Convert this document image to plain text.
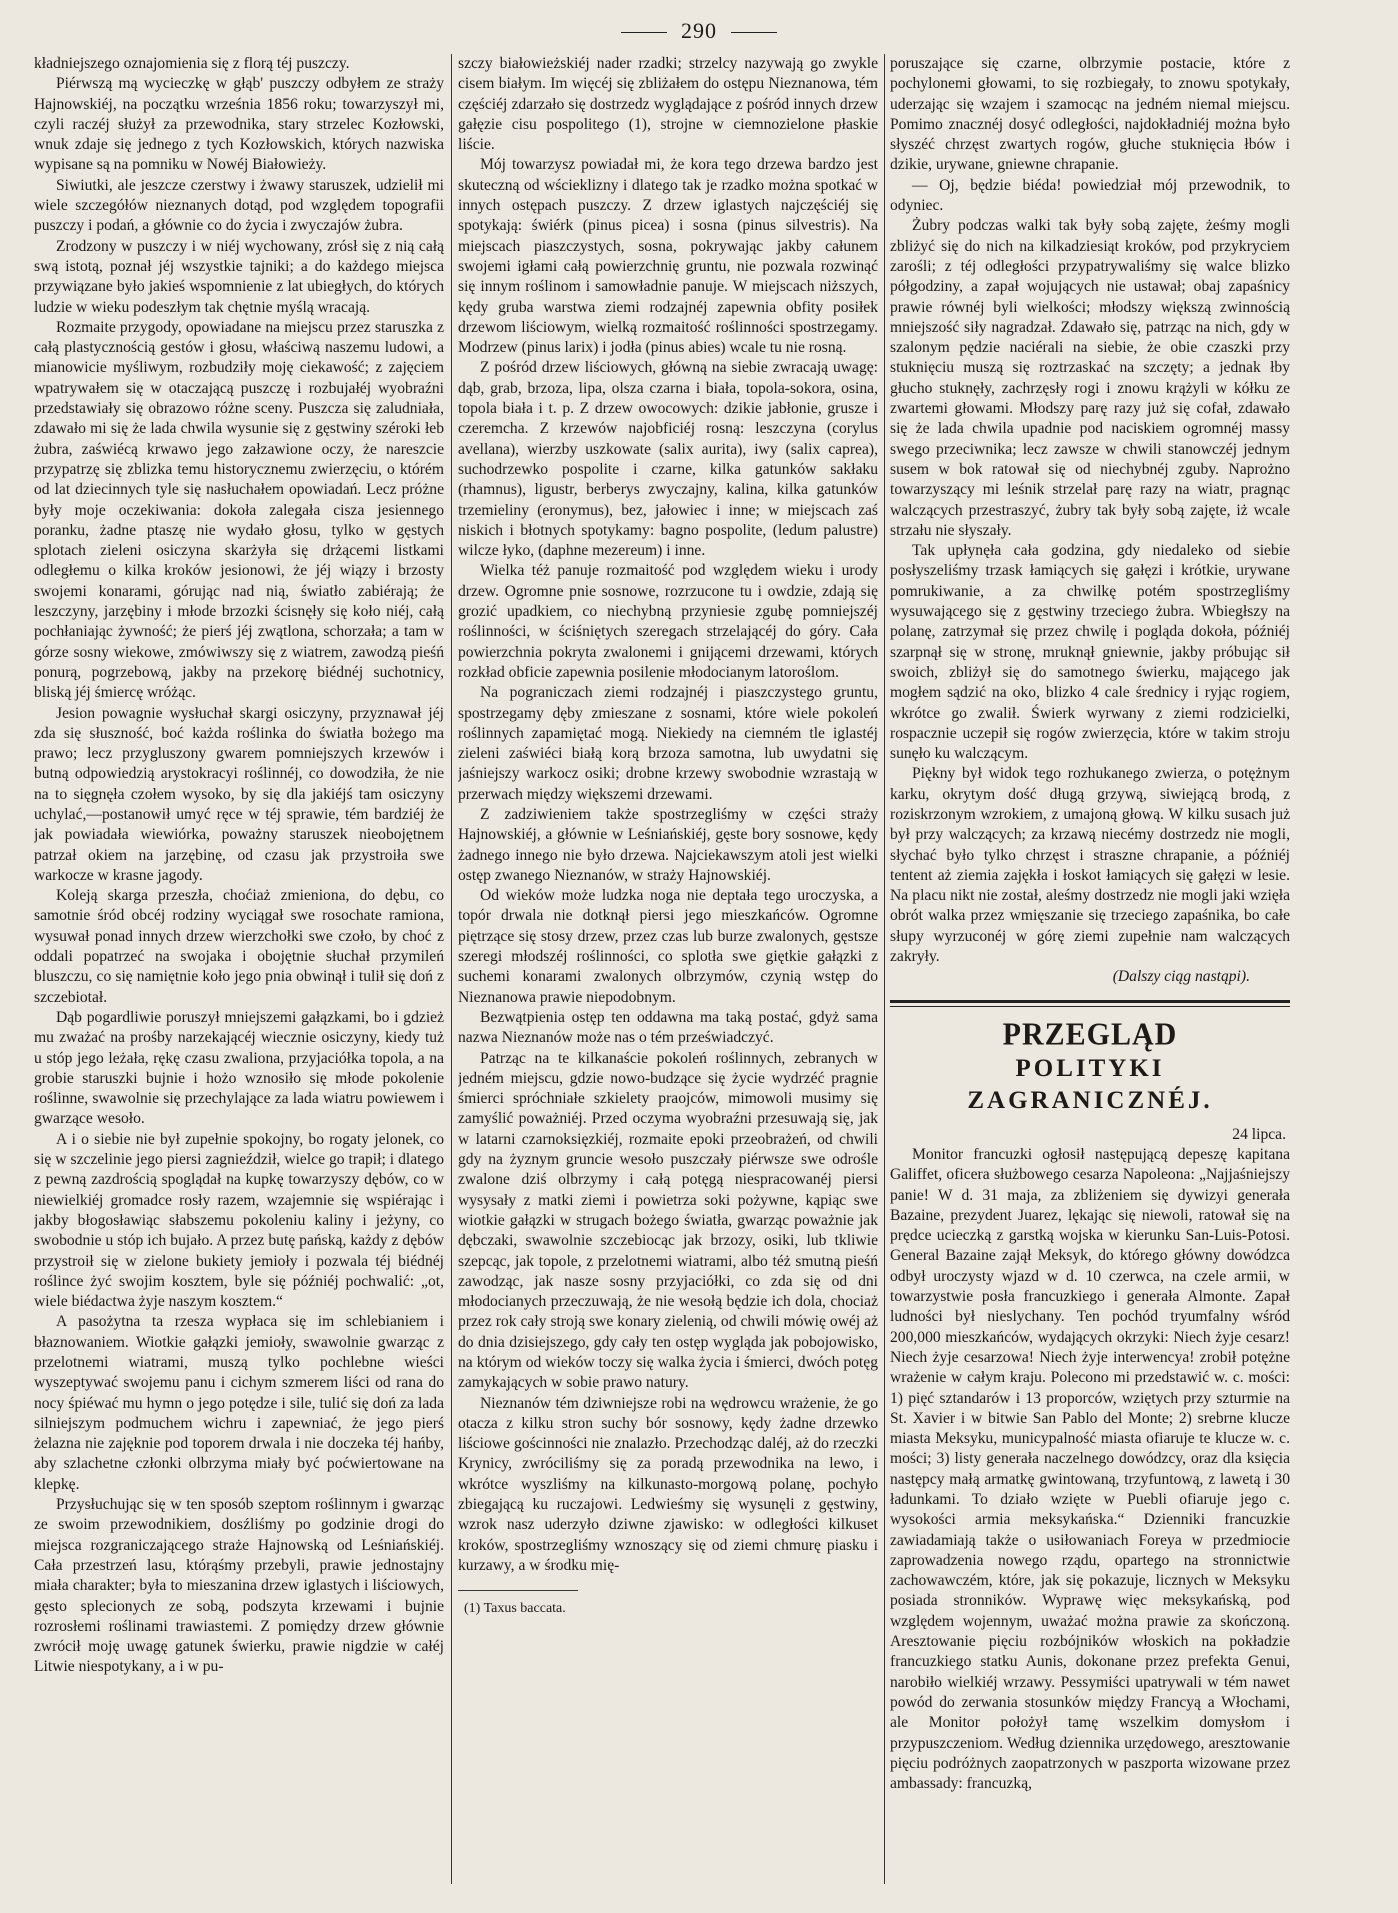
290

kładniejszego oznajomienia się z florą téj puszczy.

Piérwszą mą wycieczkę w głąb' puszczy odbyłem ze straży Hajnowskiéj, na początku września 1856 roku; towarzyszył mi, czyli raczéj służył za przewodnika, stary strzelec Kozłowski, wnuk zdaje się jednego z tych Kozłowskich, których nazwiska wypisane są na pomniku w Nowéj Białowieży.

Siwiutki, ale jeszcze czerstwy i żwawy staruszek, udzielił mi wiele szczegółów nieznanych dotąd, pod względem topografii puszczy i podań, a głównie co do życia i zwyczajów żubra.

Zrodzony w puszczy i w niéj wychowany, zrósł się z nią całą swą istotą, poznał jéj wszystkie tajniki; a do każdego miejsca przywiązane było jakieś wspomnienie z lat ubiegłych, do których ludzie w wieku podeszłym tak chętnie myślą wracają.

Rozmaite przygody, opowiadane na miejscu przez staruszka z całą plastycznością gestów i głosu, właściwą naszemu ludowi, a mianowicie myśliwym, rozbudziły moję ciekawość; z zajęciem wpatrywałem się w otaczającą puszczę i rozbujałéj wyobraźni przedstawiały się obrazowo różne sceny. Puszcza się zaludniała, zdawało mi się że lada chwila wysunie się z gęstwiny széroki łeb żubra, zaświécą krwawo jego załzawione oczy, że nareszcie przypatrzę się zblizka temu historycznemu zwierzęciu, o którém od lat dziecinnych tyle się nasłuchałem opowiadań. Lecz próżne były moje oczekiwania: dokoła zalegała cisza jesiennego poranku, żadne ptaszę nie wydało głosu, tylko w gęstych splotach zieleni osiczyna skarżyła się drżącemi listkami odległemu o kilka kroków jesionowi, że jéj wiązy i brzosty swojemi konarami, górując nad nią, światło zabiérają; że leszczyny, jarzębiny i młode brzozki ścisnęły się koło niéj, całą pochłaniając żywność; że pierś jéj zwątlona, schorzała; a tam w górze sosny wiekowe, zmówiwszy się z wiatrem, zawodzą pieśń ponurą, pogrzebową, jakby na przekorę biédnéj suchotnicy, bliską jéj śmiercę wróżąc.

Jesion powagnie wysłuchał skargi osiczyny, przyznawał jéj zda się słuszność, boć każda roślinka do światła bożego ma prawo; lecz przygluszony gwarem pomniejszych krzewów i butną odpowiedzią arystokracyi roślinnéj, co dowodziła, że nie na to sięgnęła czołem wysoko, by się dla jakiéjś tam osiczyny uchylać,—postanowił umyć ręce w téj sprawie, tém bardziéj że jak powiadała wiewiórka, poważny staruszek nieobojętnem patrzał okiem na jarzębinę, od czasu jak przystroiła swe warkocze w krasne jagody.

Koleją skarga przeszła, choćiaż zmieniona, do dębu, co samotnie śród obcéj rodziny wyciągał swe rosochate ramiona, wysuwał ponad innych drzew wierzchołki swe czoło, by choć z oddali popatrzeć na swojaka i obojętnie słuchał przymileń bluszczu, co się namiętnie koło jego pnia obwinął i tulił się doń z szczebiotał.

Dąb pogardliwie poruszył mniejszemi gałązkami, bo i gdzież mu zważać na prośby narzekającéj wiecznie osiczyny, kiedy tuż u stóp jego leżała, rękę czasu zwaliona, przyjaciółka topola, a na grobie staruszki bujnie i hożo wznosiło się młode pokolenie roślinne, swawolnie się przechylające za lada wiatru powiewem i gwarzące wesoło.

A i o siebie nie był zupełnie spokojny, bo rogaty jelonek, co się w szczelinie jego piersi zagnieździł, wielce go trapił; i dlatego z pewną zazdrością spoglądał na kupkę towarzyszy dębów, co w niewielkiéj gromadce rosły razem, wzajemnie się wspiérając i jakby błogosławiąc słabszemu pokoleniu kaliny i jeżyny, co swobodnie u stóp ich bujało. A przez butę pańską, każdy z dębów przystroił się w zielone bukiety jemioły i pozwala téj biédnéj roślince żyć swojim kosztem, byle się późniéj pochwalić: „ot, wiele biédactwa żyje naszym kosztem.“

A pasożytna ta rzesza wypłaca się im schlebianiem i błaznowaniem. Wiotkie gałązki jemioły, swawolnie gwarząc z przelotnemi wiatrami, muszą tylko pochlebne wieści wyszeptywać swojemu panu i cichym szmerem liści od rana do nocy śpiéwać mu hymn o jego potędze i sile, tulić się doń za lada silniejszym podmuchem wichru i zapewniać, że jego pierś żelazna nie zajęknie pod toporem drwala i nie doczeka téj hańby, aby szlachetne członki olbrzyma miały być poćwiertowane na klepkę.

Przysłuchując się w ten sposób szeptom roślinnym i gwarząc ze swoim przewodnikiem, dosźliśmy po godzinie drogi do miejsca rozgraniczającego straże Hajnowską od Leśniańskiéj. Cała przestrzeń lasu, którąśmy przebyli, prawie jednostajny miała charakter; była to mieszanina drzew iglastych i liściowych, gęsto splecionych ze sobą, podszyta krzewami i bujnie rozrosłemi roślinami trawiastemi. Z pomiędzy drzew głównie zwrócił moję uwagę gatunek świerku, prawie nigdzie w całéj Litwie niespotykany, a i w pu-

szczy białowieżskiéj nader rzadki; strzelcy nazywają go zwykle cisem białym. Im więcéj się zbliżałem do ostępu Nieznanowa, tém częściéj zdarzało się dostrzedz wyglądające z pośród innych drzew gałęzie cisu pospolitego (1), strojne w ciemnozielone płaskie liście.

Mój towarzysz powiadał mi, że kora tego drzewa bardzo jest skuteczną od wścieklizny i dlatego tak je rzadko można spotkać w innych ostępach puszczy. Z drzew iglastych najczęściéj się spotykają: świérk (pinus picea) i sosna (pinus silvestris). Na miejscach piaszczystych, sosna, pokrywając jakby całunem swojemi igłami całą powierzchnię gruntu, nie pozwala rozwinąć się innym roślinom i samowładnie panuje. W miejscach niższych, kędy gruba warstwa ziemi rodzajnéj zapewnia obfity posiłek drzewom liściowym, wielką rozmaitość roślinności spostrzegamy. Modrzew (pinus larix) i jodła (pinus abies) wcale tu nie rosną.

Z pośród drzew liściowych, główną na siebie zwracają uwagę: dąb, grab, brzoza, lipa, olsza czarna i biała, topola-sokora, osina, topola biała i t. p. Z drzew owocowych: dzikie jabłonie, grusze i czeremcha. Z krzewów najobficiéj rosną: leszczyna (corylus avellana), wierzby uszkowate (salix aurita), iwy (salix caprea), suchodrzewko pospolite i czarne, kilka gatunków sakłaku (rhamnus), ligustr, berberys zwyczajny, kalina, kilka gatunków trzemieliny (eronymus), bez, jałowiec i inne; w miejscach zaś niskich i błotnych spotykamy: bagno pospolite, (ledum palustre) wilcze łyko, (daphne mezereum) i inne.

Wielka téż panuje rozmaitość pod względem wieku i urody drzew. Ogromne pnie sosnowe, rozrzucone tu i owdzie, zdają się grozić upadkiem, co niechybną przyniesie zgubę pomniejszéj roślinności, w ściśniętych szeregach strzelającéj do góry. Cała powierzchnia pokryta zwalonemi i gnijącemi drzewami, których rozkład obficie zapewnia posilenie młodocianym latoroślom.

Na pograniczach ziemi rodzajnéj i piaszczystego gruntu, spostrzegamy dęby zmieszane z sosnami, które wiele pokoleń roślinnych zapamiętać mogą. Niekiedy na ciemném tle iglastéj zieleni zaświéci białą korą brzoza samotna, lub uwydatni się jaśniejszy warkocz osiki; drobne krzewy swobodnie wzrastają w przerwach między większemi drzewami.

Z zadziwieniem także spostrzegliśmy w części straży Hajnowskiéj, a głównie w Leśniańskiéj, gęste bory sosnowe, kędy żadnego innego nie było drzewa. Najciekawszym atoli jest wielki ostęp zwanego Nieznanów, w straży Hajnowskiéj.

Od wieków może ludzka noga nie deptała tego uroczyska, a topór drwala nie dotknął piersi jego mieszkańców. Ogromne piętrzące się stosy drzew, przez czas lub burze zwalonych, gęstsze szeregi młodszéj roślinności, co splotła swe giętkie gałązki z suchemi konarami zwalonych olbrzymów, czynią wstęp do Nieznanowa prawie niepodobnym.

Bezwątpienia ostęp ten oddawna ma taką postać, gdyż sama nazwa Nieznanów może nas o tém przeświadczyć.

Patrząc na te kilkanaście pokoleń roślinnych, zebranych w jedném miejscu, gdzie nowo-budzące się życie wydrzéć pragnie śmierci spróchniałe szkielety praojców, mimowoli musimy się zamyślić poważniéj. Przed oczyma wyobraźni przesuwają się, jak w latarni czarnoksięzkiéj, rozmaite epoki przeobrażeń, od chwili gdy na żyznym gruncie wesoło puszczały piérwsze swe odrośle zwalone dziś olbrzymy i całą potęgą niespracowanéj piersi wysysały z matki ziemi i powietrza soki pożywne, kąpiąc swe wiotkie gałązki w strugach bożego światła, gwarząc poważnie jak dębczaki, swawolnie szczebiocąc jak brzozy, osiki, lub tkliwie szepcąc, jak topole, z przelotnemi wiatrami, albo téż smutną pieśń zawodząc, jak nasze sosny przyjaciółki, co zda się od dni młodocianych przeczuwają, że nie wesołą będzie ich dola, chociaż przez rok cały stroją swe konary zielenią, od chwili mówię owéj aż do dnia dzisiejszego, gdy cały ten ostęp wygląda jak pobojowisko, na którym od wieków toczy się walka życia i śmierci, dwóch potęg zamykających w sobie prawo natury.

Nieznanów tém dziwniejsze robi na wędrowcu wrażenie, że go otacza z kilku stron suchy bór sosnowy, kędy żadne drzewko liściowe gościnności nie znalazło. Przechodząc daléj, aż do rzeczki Krynicy, zwróciliśmy się za poradą przewodnika na lewo, i wkrótce wyszliśmy na kilkunasto-morgową polanę, pochyło zbiegającą ku ruczajowi. Ledwieśmy się wysunęli z gęstwiny, wzrok nasz uderzyło dziwne zjawisko: w odległości kilkuset kroków, spostrzegliśmy wznoszący się od ziemi chmurę piasku i kurzawy, a w środku mię-

(1) Taxus baccata.

poruszające się czarne, olbrzymie postacie, które z pochylonemi głowami, to się rozbiegały, to znowu spotykały, uderzając się wzajem i szamocąc na jedném niemal miejscu. Pomimo znacznéj dosyć odległości, najdokładniéj można było słyszéć chrzęst zwartych rogów, głuche stuknięcia łbów i dzikie, urywane, gniewne chrapanie.

— Oj, będzie biéda! powiedział mój przewodnik, to odyniec.

Żubry podczas walki tak były sobą zajęte, żeśmy mogli zbliżyć się do nich na kilkadziesiąt kroków, pod przykryciem zarośli; z téj odległości przypatrywaliśmy się walce blizko półgodziny, a zapał wojujących nie ustawał; obaj zapaśnicy prawie równéj byli wielkości; młodszy większą zwinnością mniejszość siły nagradzał. Zdawało się, patrząc na nich, gdy w szalonym pędzie naciérali na siebie, że obie czaszki przy stuknięciu muszą się roztrzaskać na szczęty; a jednak łby głucho stuknęły, zachrzęsły rogi i znowu krążyli w kółku ze zwartemi głowami. Młodszy parę razy już się cofał, zdawało się że lada chwila upadnie pod naciskiem ogromnéj massy swego przeciwnika; lecz zawsze w chwili stanowczéj jednym susem w bok ratował się od niechybnéj zguby. Naprożno towarzyszący mi leśnik strzelał parę razy na wiatr, pragnąc walczących przestraszyć, żubry tak były sobą zajęte, iż wcale strzału nie słyszały.

Tak upłynęła cała godzina, gdy niedaleko od siebie posłyszeliśmy trzask łamiących się gałęzi i krótkie, urywane pomrukiwanie, a za chwilkę potém spostrzegliśmy wysuwającego się z gęstwiny trzeciego żubra. Wbiegłszy na polanę, zatrzymał się przez chwilę i pogląda dokoła, późniéj szarpnął się w stronę, mruknął gniewnie, jakby próbując sił swoich, zbliżył się do samotnego świerku, mającego jak mogłem sądzić na oko, blizko 4 cale średnicy i ryjąc rogiem, wkrótce go zwalił. Świerk wyrwany z ziemi rodzicielki, rospacznie uczepił się rogów zwierzęcia, które w takim stroju sunęło ku walczącym.

Piękny był widok tego rozhukanego zwierza, o potężnym karku, okrytym dość długą grzywą, siwiejącą brodą, z roziskrzonym wzrokiem, z umajoną głową. W kilku susach już był przy walczących; za krzawą niecémy dostrzedz nie mogli, słychać było tylko chrzęst i straszne chrapanie, a późniéj tentent aż ziemia zajękła i łoskot łamiących się gałęzi w lesie. Na placu nikt nie został, aleśmy dostrzedz nie mogli jaki wzięła obrót walka przez wmięszanie się trzeciego zapaśnika, bo całe słupy wyrzuconéj w górę ziemi zupełnie nam walczących zakryły.

(Dalszy ciąg nastąpi).

PRZEGLĄD

POLITYKI ZAGRANICZNÉJ.

24 lipca.

Monitor francuzki ogłosił następującą depeszę kapitana Galiffet, oficera służbowego cesarza Napoleona: „Najjaśniejszy panie! W d. 31 maja, za zbliżeniem się dywizyi generała Bazaine, prezydent Juarez, lękając się niewoli, ratował się na prędce ucieczką z garstką wojska w kierunku San-Luis-Potosi. General Bazaine zajął Meksyk, do którego główny dowódzca odbył uroczysty wjazd w d. 10 czerwca, na czele armii, w towarzystwie posła francuzkiego i generała Almonte. Zapał ludności był nieslychany. Ten pochód tryumfalny wśród 200,000 mieszkańców, wydających okrzyki: Niech żyje cesarz! Niech żyje cesarzowa! Niech żyje interwencya! zrobił potężne wrażenie w całym kraju. Polecono mi przedstawić w. c. mości: 1) pięć sztandarów i 13 proporców, wziętych przy szturmie na St. Xavier i w bitwie San Pablo del Monte; 2) srebrne klucze miasta Meksyku, municypalność miasta ofiaruje te klucze w. c. mości; 3) listy generała naczelnego dowódzcy, oraz dla księcia następcy małą armatkę gwintowaną, trzyfuntową, z lawetą i 30 ładunkami. To działo wzięte w Puebli ofiaruje jego c. wysokości armia meksykańska.“ Dzienniki francuzkie zawiadamiają także o usiłowaniach Foreya w przedmiocie zaprowadzenia nowego rządu, opartego na stronnictwie zachowawczém, które, jak się pokazuje, licznych w Meksyku posiada stronników. Wyprawę więc meksykańską, pod względem wojennym, uważać można prawie za skończoną. Aresztowanie pięciu rozbójników włoskich na pokładzie francuzkiego statku Aunis, dokonane przez prefekta Genui, narobiło wielkiéj wrzawy. Pessymiści upatrywali w tém nawet powód do zerwania stosunków między Francyą a Włochami, ale Monitor położył tamę wszelkim domysłom i przypuszczeniom. Według dziennika urzędowego, aresztowanie pięciu podróżnych zaopatrzonych w paszporta wizowane przez ambassady: francuzką,
